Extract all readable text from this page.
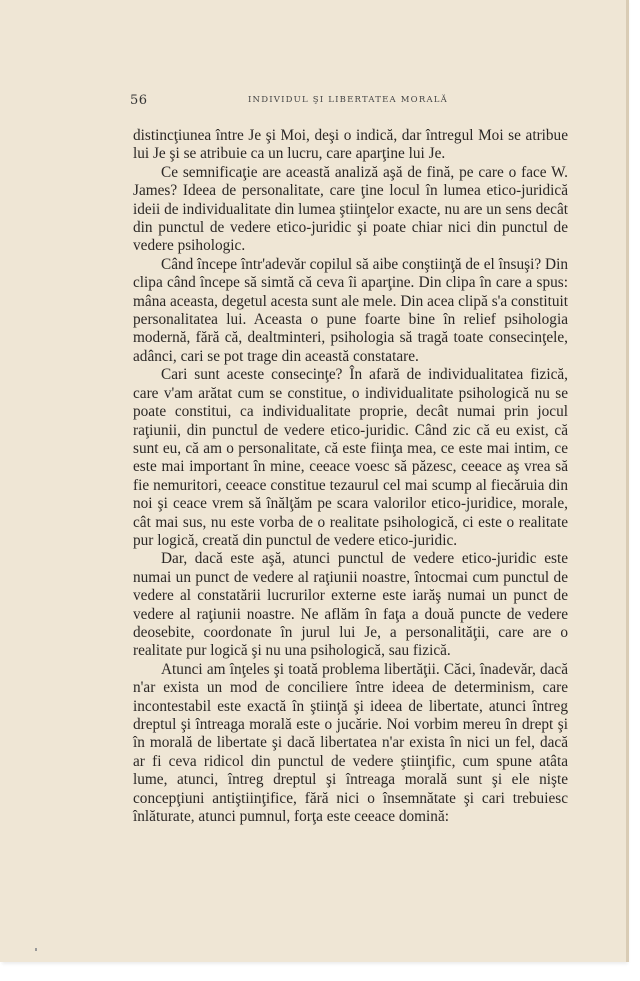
56	INDIVIDUL ŞI LIBERTATEA MORALĂ

distincţiunea între Je şi Moi, deşi o indică, dar întregul Moi se atribue lui Je şi se atribuie ca un lucru, care aparţine lui Je.

Ce semnificaţie are această analiză aşă de fină, pe care o face W. James? Ideea de personalitate, care ţine locul în lumea etico-juridică ideii de individualitate din lumea ştiinţelor exacte, nu are un sens decât din punctul de vedere etico-juridic şi poate chiar nici din punctul de vedere psihologic.

Când începe într'adevăr copilul să aibe conştiinţă de el însuşi? Din clipa când începe să simtă că ceva îi aparţine. Din clipa în care a spus: mâna aceasta, degetul acesta sunt ale mele. Din acea clipă s'a constituit personalitatea lui. Aceasta o pune foarte bine în relief psihologia modernă, fără că, dealtminteri, psihologia să tragă toate consecinţele, adânci, cari se pot trage din această constatare.

Cari sunt aceste consecinţe? În afară de individualitatea fizică, care v'am arătat cum se constitue, o individualitate psihologică nu se poate constitui, ca individualitate proprie, decât numai prin jocul raţiunii, din punctul de vedere etico-juridic. Când zic că eu exist, că sunt eu, că am o personalitate, că este fiinţa mea, ce este mai intim, ce este mai important în mine, ceeace voesc să păzesc, ceeace aş vrea să fie nemuritori, ceeace constitue tezaurul cel mai scump al fiecăruia din noi şi ceace vrem să înălţăm pe scara valorilor etico-juridice, morale, cât mai sus, nu este vorba de o realitate psihologică, ci este o realitate pur logică, creată din punctul de vedere etico-juridic.

Dar, dacă este aşă, atunci punctul de vedere etico-juridic este numai un punct de vedere al raţiunii noastre, întocmai cum punctul de vedere al constatării lucrurilor externe este iarăş numai un punct de vedere al raţiunii noastre. Ne aflăm în faţa a două puncte de vedere deosebite, coordonate în jurul lui Je, a personalităţii, care are o realitate pur logică şi nu una psihologică, sau fizică.

Atunci am înţeles şi toată problema libertăţii. Căci, înadevăr, dacă n'ar exista un mod de conciliere între ideea de determinism, care incontestabil este exactă în ştiinţă şi ideea de libertate, atunci întreg dreptul şi întreaga morală este o jucărie. Noi vorbim mereu în drept şi în morală de libertate şi dacă libertatea n'ar exista în nici un fel, dacă ar fi ceva ridicol din punctul de vedere ştiinţific, cum spune atâta lume, atunci, întreg dreptul şi întreaga morală sunt şi ele nişte concepţiuni antiştiinţifice, fără nici o însemnătate şi cari trebuiesc înlăturate, atunci pumnul, forţa este ceeace domină:
